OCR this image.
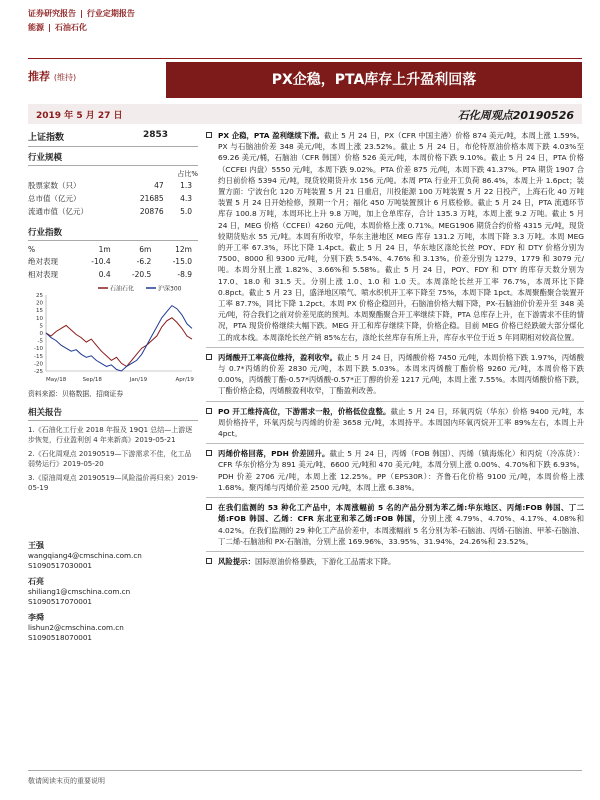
证券研究报告 | 行业定期报告
能源 | 石油石化
推荐 (维持)	PX企稳，PTA库存上升盈利回落
2019 年 5 月 27 日	石化周观点20190526
上证指数	2853
行业规模
占比%
股票家数（只）	47	1.3
总市值（亿元）	21685	4.3
流通市值（亿元）	20876	5.0
行业指数
%	1m	6m	12m
绝对表现	-10.4	-6.2	-15.0
相对表现	0.4	-20.5	-8.9
石油石化	沪深300
25
20
15
10
5
0
-5
-10
-15
-20
-25
May/18	Sep/18	Jan/19	Apr/19
资料来源：贝格数据、招商证券
相关报告
1.《石油化工行业 2018 年报及 19Q1 总结—上游逐步恢复，行业盈利创 4 年来新高》2019-05-21
2.《石化周观点 20190519—下游需求不佳，化工品弱势运行》2019-05-20
3.《原油周观点 20190519—风险溢价再归来》2019-05-19
王强
wangqiang4@cmschina.com.cn
S1090517030001
石亮
shiliang1@cmschina.com.cn
S1090517070001
李舜
lishun2@cmschina.com.cn
S1090518070001
PX 企稳，PTA 盈利继续下滑。截止 5 月 24 日，PX（CFR 中国主港）价格 874 美元/吨，本周上涨 1.59%。PX 与石脑油价差 348 美元/吨，本周上涨 23.52%。截止 5 月 24 日，布伦特原油价格本周下跌 4.03%至 69.26 美元/桶，石脑油（CFR 韩国）价格 526 美元/吨，本周价格下跌 9.10%。截止 5 月 24 日，PTA 价格（CCFEI 内盘）5550 元/吨，本周下跌 9.02%。PTA 价差 875 元/吨，本周下跌 41.37%。PTA 期货 1907 合约日前价格 5394 元/吨，现货较期货升水 156 元/吨。本周 PTA 行业开工负荷 86.4%，本周上升 1.6pct；装置方面：宁波台化 120 万吨装置 5 月 21 日重启，川投能源 100 万吨装置 5 月 22 日投产，上海石化 40 万吨装置 5 月 24 日开始检修，预期一个月；福化 450 万吨装置预计 6 月底检修。截止 5 月 24 日，PTA 流通环节库存 100.8 万吨，本周环比上升 9.8 万吨，加上仓单库存，合计 135.3 万吨，本周上涨 9.2 万吨。截止 5 月 24 日，MEG 价格（CCFEI）4260 元/吨，本周价格上涨 0.71%。MEG1906 期货合约价格 4315 元/吨，现货较期货贴水 55 元/吨。本周有所收窄，华东主港地区 MEG 库存 131.2 万吨，本周下降 3.3 万吨。本周 MEG 的开工率 67.3%，环比下降 1.4pct。截止 5 月 24 日，华东地区涤纶长丝 POY、FDY 和 DTY 价格分别为 7500、8000 和 9300 元/吨，分别下跌 5.54%、4.76% 和 3.13%。价差分别为 1279、1779 和 3079 元/吨。本周分别上涨 1.82%、3.66%和 5.58%。截止 5 月 24 日，POY、FDY 和 DTY 的库存天数分别为 17.0、18.0 和 31.5 天。分别上涨 1.0、1.0 和 1.0 天。本周涤纶长丝开工率 76.7%，本周环比下降 0.8pct。截止 5 月 23 日，盛泽地区喷气、喷水织机开工率下降至 75%，本周下降 1pct。本周聚酯聚合装置开工率 87.7%，同比下降 1.2pct。本周 PX 价格企稳回升，石脑油价格大幅下降，PX-石脑油价价差升至 348 美元/吨，符合我们之前对价差见底的预判。本周聚酯聚合开工率继续下降，PTA 总库存上升，在下游需求不佳的情况，PTA 现货价格继续大幅下跌。MEG 开工和库存继续下降，价格企稳。目前 MEG 价格已经跌破大部分煤化工的成本线。本周涤纶长丝产销 85%左右，涤纶长丝库存有所上升，库存水平位于近 5 年同期相对较高位置。
丙烯酸开工率高位维持，盈利收窄。截止 5 月 24 日，丙烯酸价格 7450 元/吨，本周价格下跌 1.97%，丙烯酸与 0.7*丙烯的价差 2830 元/吨，本周下跌 5.03%。本周末丙烯酸丁酯价格 9260 元/吨，本周价格下跌 0.00%，丙烯酸丁酯-0.57*丙烯酸-0.57*正丁醇的价差 1217 元/吨，本周上涨 7.55%。本周丙烯酸价格下跌，丁酯价格企稳，丙烯酸盈利收窄，丁酯盈利改善。
PO 开工维持高位，下游需求一般，价格低位盘整。截止 5 月 24 日，环氧丙烷（华东）价格 9400 元/吨，本周价格持平，环氧丙烷与丙烯的价差 3658 元/吨，本周持平。本周国内环氧丙烷开工率 89%左右，本周上升 4pct。
丙烯价格回落，PDH 价差回升。截止 5 月 24 日，丙烯（FOB 韩国）、丙烯（镇海炼化）和丙烷（冷冻货）：CFR 华东价格分为 891 美元/吨、6600 元/吨和 470 美元/吨，本周分别上涨 0.00%、4.70%和下跌 6.93%。PDH 价差 2706 元/吨，本周上涨 12.25%。PP（EPS30R）：齐鲁石化价格 9100 元/吨，本周价格上涨 1.68%。聚丙烯与丙烯价差 2500 元/吨，本周上涨 6.38%。
在我们监测的 53 种化工产品中，本周涨幅前 5 名的产品分别为苯乙烯:华东地区、丙烯:FOB 韩国、丁二烯:FOB 韩国、乙烯：CFR 东北亚和苯乙烯:FOB 韩国，分别上涨 4.79%、4.70%、4.17%、4.08%和 4.02%。在我们监测的 29 种化工产品价差中，本周涨幅前 5 名分别为苯-石脑油、丙烯-石脑油、甲苯-石脑油、丁二烯-石脑油和 PX-石脑油，分别上涨 169.96%、33.95%、31.94%、24.26%和 23.52%。
风险提示：国际原油价格暴跌，下游化工品需求下降。
敬请阅读末页的重要说明
